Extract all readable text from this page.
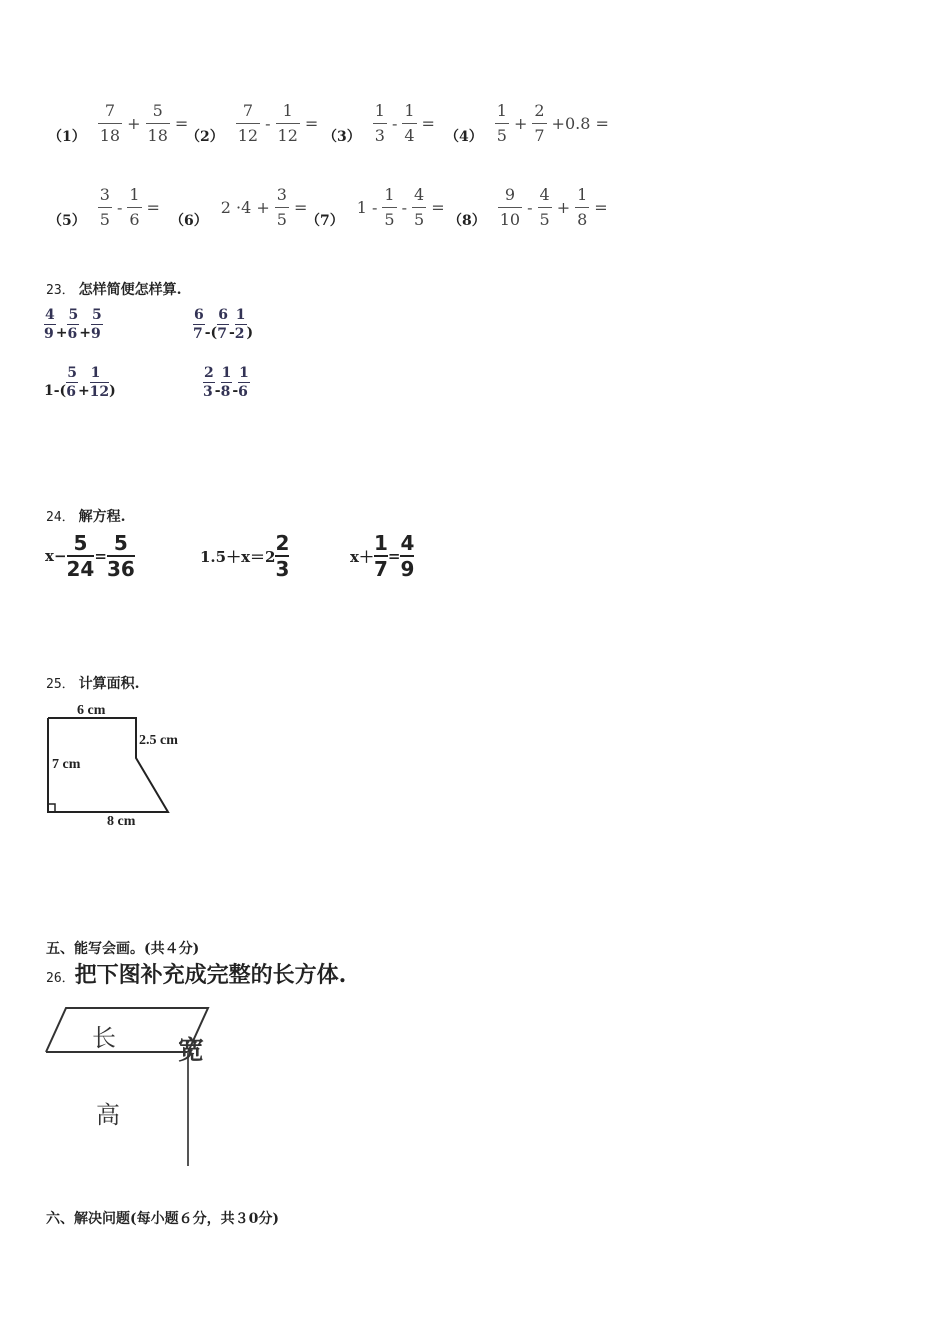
$(1) \frac{7}{18} + \frac{5}{18}$ =
$(2) \frac{7}{12} - \frac{1}{12}$ =
$(3) \frac{1}{3} - \frac{1}{4}$ =
$(4) \frac{1}{5} + \frac{2}{7} +0.8$ =
$(5) \frac{3}{5} - \frac{1}{6}$ =
（6）
$2 \cdot 4 + \frac{3}{5}$ =
（7）
$1 - \frac{1}{5} - \frac{4}{5}$ =
$(8) \frac{9}{10} - \frac{4}{5} + \frac{1}{8}$ =
23． 怎样简便怎样算.
$\frac{4}{9} + \frac{5}{6} + \frac{5}{9}$	$\frac{6}{7}$ -( $\frac{6}{7} - \frac{1}{2}$ )
$1-( \frac{5}{6} + \frac{1}{12}$ )	$\frac{2}{3} - \frac{1}{8} - \frac{1}{6}$
24． 解方程.
$x- \frac{5}{24} = \frac{5}{36}$	1.5＋x＝2
2
3
$x+ \frac{1}{7} = \frac{4}{9}$
25． 计算面积.
6 cm
2.5 cm
7 cm
8 cm
五、能写会画。(共４分)
26．把下图补充成完整的长方体.
长 宽
高
六、解决问题(每小题６分，共３0分)
